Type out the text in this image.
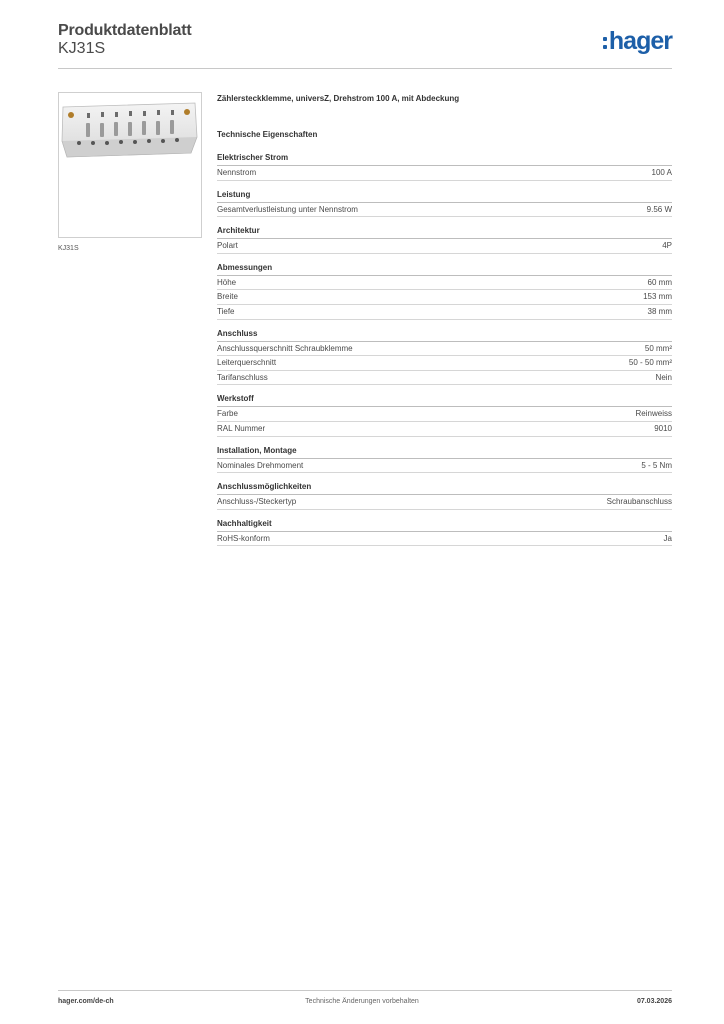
Produktdatenblatt
KJ31S	hager
KJ31S
Zählersteckklemme, universZ, Drehstrom 100 A, mit Abdeckung
Technische Eigenschaften
Elektrischer Strom
Nennstrom	100 A
Leistung
Gesamtverlustleistung unter Nennstrom	9.56 W
Architektur
Polart	4P
Abmessungen
Höhe	60 mm
Breite	153 mm
Tiefe	38 mm
Anschluss
Anschlussquerschnitt Schraubklemme	50 mm²
Leiterquerschnitt	50 - 50 mm²
Tarifanschluss	Nein
Werkstoff
Farbe	Reinweiss
RAL Nummer	9010
Installation, Montage
Nominales Drehmoment	5 - 5 Nm
Anschlussmöglichkeiten
Anschluss-/Steckertyp	Schraubanschluss
Nachhaltigkeit
RoHS-konform	Ja
hager.com/de-ch	Technische Änderungen vorbehalten	07.03.2026
